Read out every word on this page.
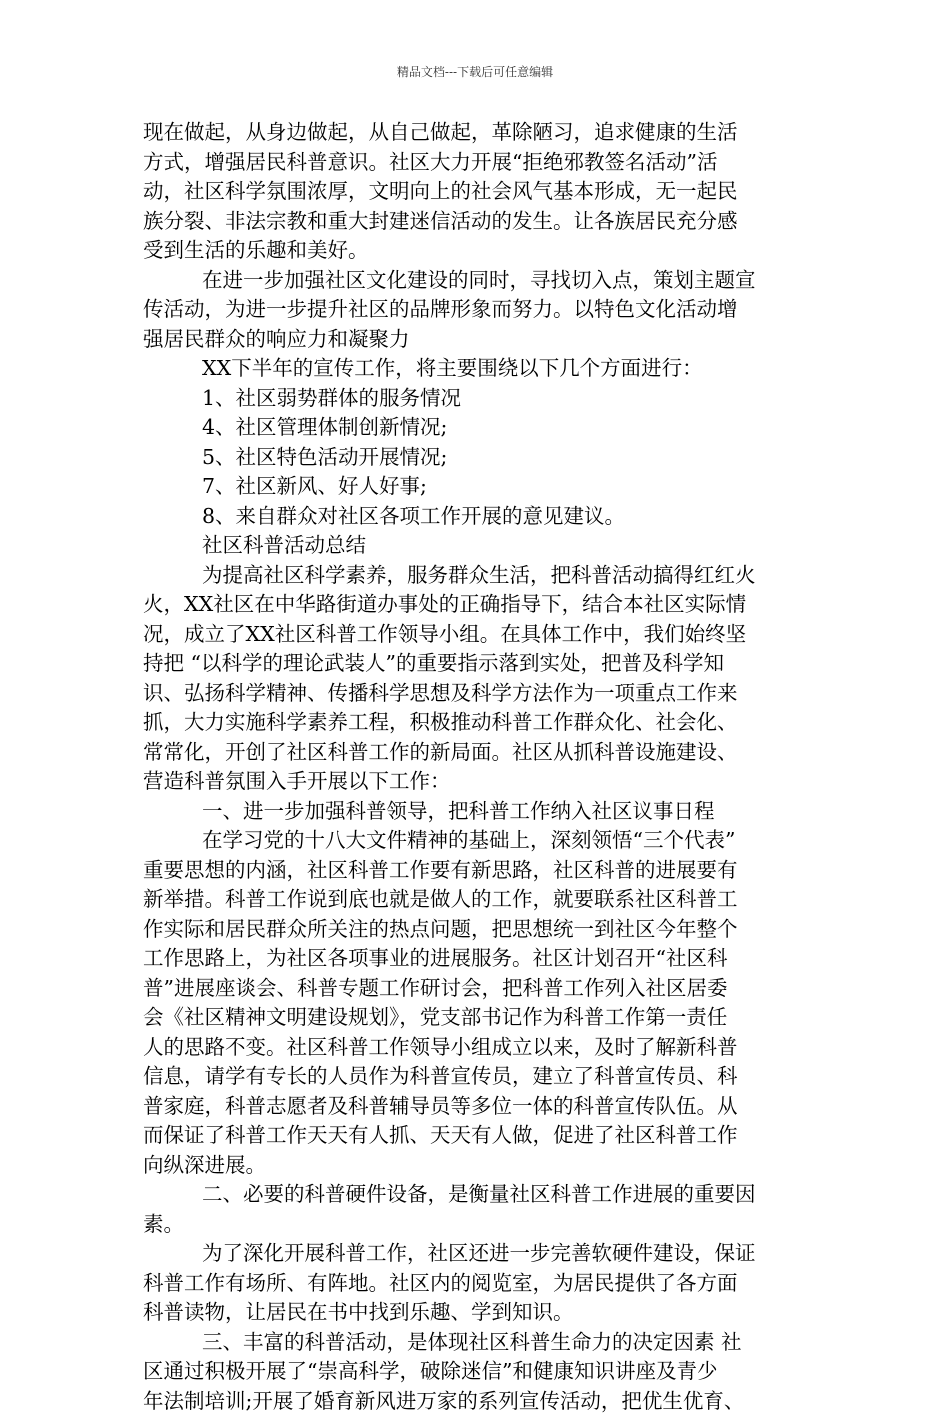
精品文档---下载后可任意编辑
现在做起，从身边做起，从自己做起，革除陋习，追求健康的生活
方式，增强居民科普意识。社区大力开展“拒绝邪教签名活动”活
动，社区科学氛围浓厚，文明向上的社会风气基本形成，无一起民
族分裂、非法宗教和重大封建迷信活动的发生。让各族居民充分感
受到生活的乐趣和美好。
在进一步加强社区文化建设的同时，寻找切入点，策划主题宣
传活动，为进一步提升社区的品牌形象而努力。以特色文化活动增
强居民群众的响应力和凝聚力
XX下半年的宣传工作，将主要围绕以下几个方面进行：
1、社区弱势群体的服务情况
4、社区管理体制创新情况;
5、社区特色活动开展情况;
7、社区新风、好人好事;
8、来自群众对社区各项工作开展的意见建议。
社区科普活动总结
为提高社区科学素养，服务群众生活，把科普活动搞得红红火
火，XX社区在中华路街道办事处的正确指导下，结合本社区实际情
况，成立了XX社区科普工作领导小组。在具体工作中，我们始终坚
持把 “以科学的理论武装人”的重要指示落到实处，把普及科学知
识、弘扬科学精神、传播科学思想及科学方法作为一项重点工作来
抓，大力实施科学素养工程，积极推动科普工作群众化、社会化、
常常化，开创了社区科普工作的新局面。社区从抓科普设施建设、
营造科普氛围入手开展以下工作：
一、进一步加强科普领导，把科普工作纳入社区议事日程
在学习党的十八大文件精神的基础上，深刻领悟“三个代表”
重要思想的内涵，社区科普工作要有新思路，社区科普的进展要有
新举措。科普工作说到底也就是做人的工作，就要联系社区科普工
作实际和居民群众所关注的热点问题，把思想统一到社区今年整个
工作思路上，为社区各项事业的进展服务。社区计划召开“社区科
普”进展座谈会、科普专题工作研讨会，把科普工作列入社区居委
会《社区精神文明建设规划》，党支部书记作为科普工作第一责任
人的思路不变。社区科普工作领导小组成立以来，及时了解新科普
信息，请学有专长的人员作为科普宣传员，建立了科普宣传员、科
普家庭，科普志愿者及科普辅导员等多位一体的科普宣传队伍。从
而保证了科普工作天天有人抓、天天有人做，促进了社区科普工作
向纵深进展。
二、必要的科普硬件设备，是衡量社区科普工作进展的重要因
素。
为了深化开展科普工作，社区还进一步完善软硬件建设，保证
科普工作有场所、有阵地。社区内的阅览室，为居民提供了各方面
科普读物，让居民在书中找到乐趣、学到知识。
三、丰富的科普活动，是体现社区科普生命力的决定因素 社
区通过积极开展了“崇高科学，破除迷信”和健康知识讲座及青少
年法制培训;开展了婚育新风进万家的系列宣传活动，把优生优育、
